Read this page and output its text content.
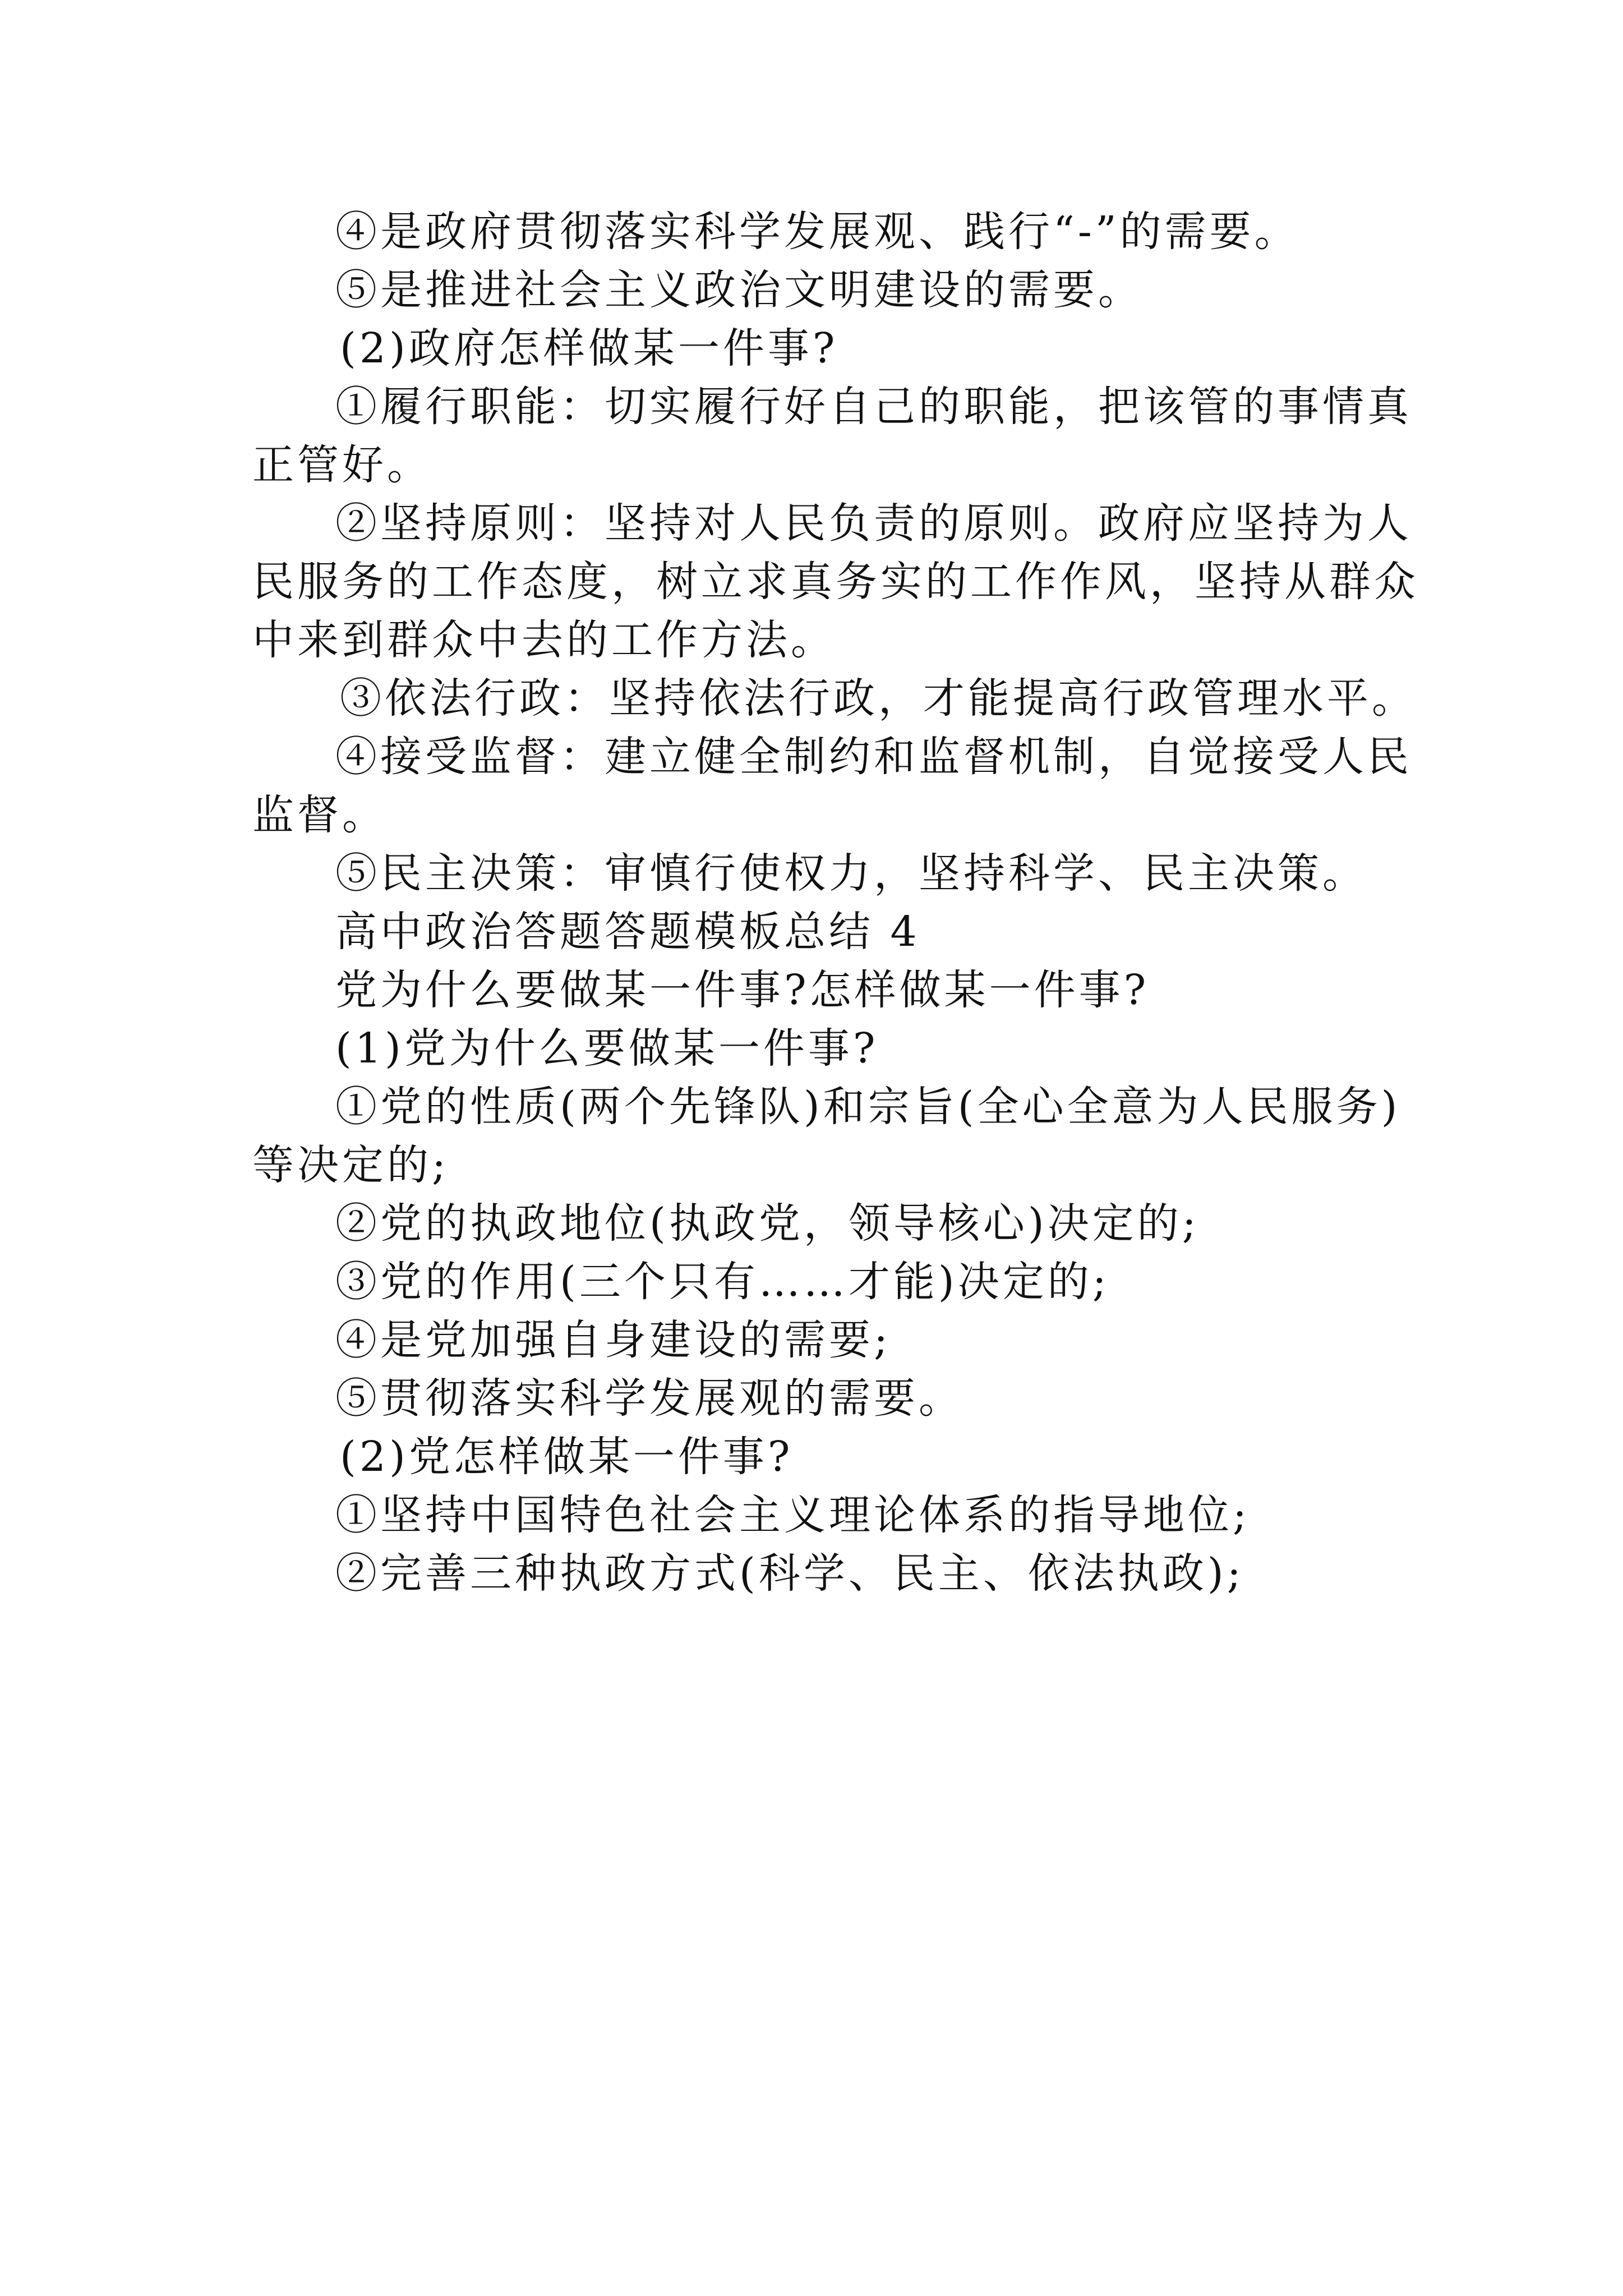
④是政府贯彻落实科学发展观、践行“-”的需要。

⑤是推进社会主义政治文明建设的需要。

(2)政府怎样做某一件事?

①履行职能：切实履行好自己的职能，把该管的事情真

正管好。

②坚持原则：坚持对人民负责的原则。政府应坚持为人

民服务的工作态度，树立求真务实的工作作风，坚持从群众

中来到群众中去的工作方法。

③依法行政：坚持依法行政，才能提高行政管理水平。

④接受监督：建立健全制约和监督机制，自觉接受人民

监督。

⑤民主决策：审慎行使权力，坚持科学、民主决策。

高中政治答题答题模板总结 4

党为什么要做某一件事?怎样做某一件事?

(1)党为什么要做某一件事?

①党的性质(两个先锋队)和宗旨(全心全意为人民服务)

等决定的;

②党的执政地位(执政党，领导核心)决定的;

③党的作用(三个只有……才能)决定的;

④是党加强自身建设的需要;

⑤贯彻落实科学发展观的需要。

(2)党怎样做某一件事?

①坚持中国特色社会主义理论体系的指导地位;

②完善三种执政方式(科学、民主、依法执政);
